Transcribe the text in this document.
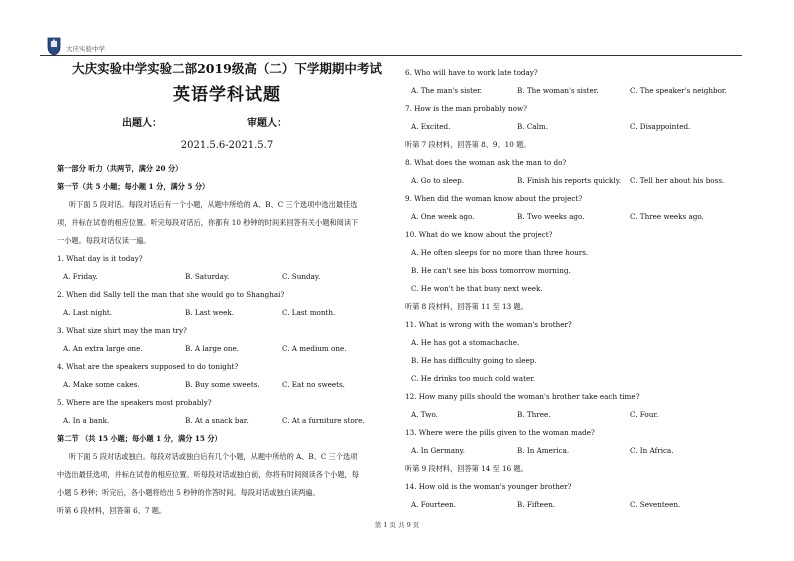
大庆实验中学
大庆实验中学实验二部2019级高（二）下学期期中考试
英语学科试题
出题人：	审题人：
2021.5.6-2021.5.7
第一部分 听力（共两节，满分 20 分）
第一节（共 5 小题；每小题 1 分，满分 5 分）
听下面 5 段对话。每段对话后有一个小题，从题中所给的 A、B、C 三个选项中选出最佳选
项，并标在试卷的相应位置。听完每段对话后，你都有 10 秒钟的时间来回答有关小题和阅读下
一小题。每段对话仅读一遍。
1. What day is it today?
A. Friday.	B. Saturday.	C. Sunday.
2. When did Sally tell the man that she would go to Shanghai?
A. Last night.	B. Last week.	C. Last month.
3. What size shirt may the man try?
A. An extra large one.	B. A large one.	C. A medium one.
4. What are the speakers supposed to do tonight?
A. Make some cakes.	B. Buy some sweets.	C. Eat no sweets.
5. Where are the speakers most probably?
A. In a bank.	B. At a snack bar.	C. At a furniture store.
第二节 （共 15 小题；每小题 1 分，满分 15 分）
听下面 5 段对话或独白。每段对话或独白后有几个小题，从题中所给的 A、B、C 三个选项
中选出最佳选项，并标在试卷的相应位置。听每段对话或独白前，你将有时间阅读各个小题，每
小题 5 秒钟；听完后，各小题将给出 5 秒钟的作答时间。每段对话或独白读两遍。
听第 6 段材料，回答第 6、7 题。
6. Who will have to work late today?
A. The man's sister.	B. The woman's sister.	C. The speaker's neighbor.
7. How is the man probably now?
A. Excited.	B. Calm.	C. Disappointed.
听第 7 段材料，回答第 8、9、10 题。
8. What does the woman ask the man to do?
A. Go to sleep.	B. Finish his reports quickly. C. Tell her about his boss.
9. When did the woman know about the project?
A. One week ago.	B. Two weeks ago.	C. Three weeks ago.
10. What do we know about the project?
A. He often sleeps for no more than three hours.
B. He can't see his boss tomorrow morning.
C. He won't be that busy next week.
听第 8 段材料，回答第 11 至 13 题。
11. What is wrong with the woman's brother?
A. He has got a stomachache.
B. He has difficulty going to sleep.
C. He drinks too much cold water.
12. How many pills should the woman's brother take each time?
A. Two.	B. Three.	C. Four.
13. Where were the pills given to the woman made?
A. In Germany.	B. In America.	C. In Africa.
听第 9 段材料，回答第 14 至 16 题。
14. How old is the woman's younger brother?
A. Fourteen.	B. Fifteen.	C. Seventeen.
第 1 页 共 9 页
